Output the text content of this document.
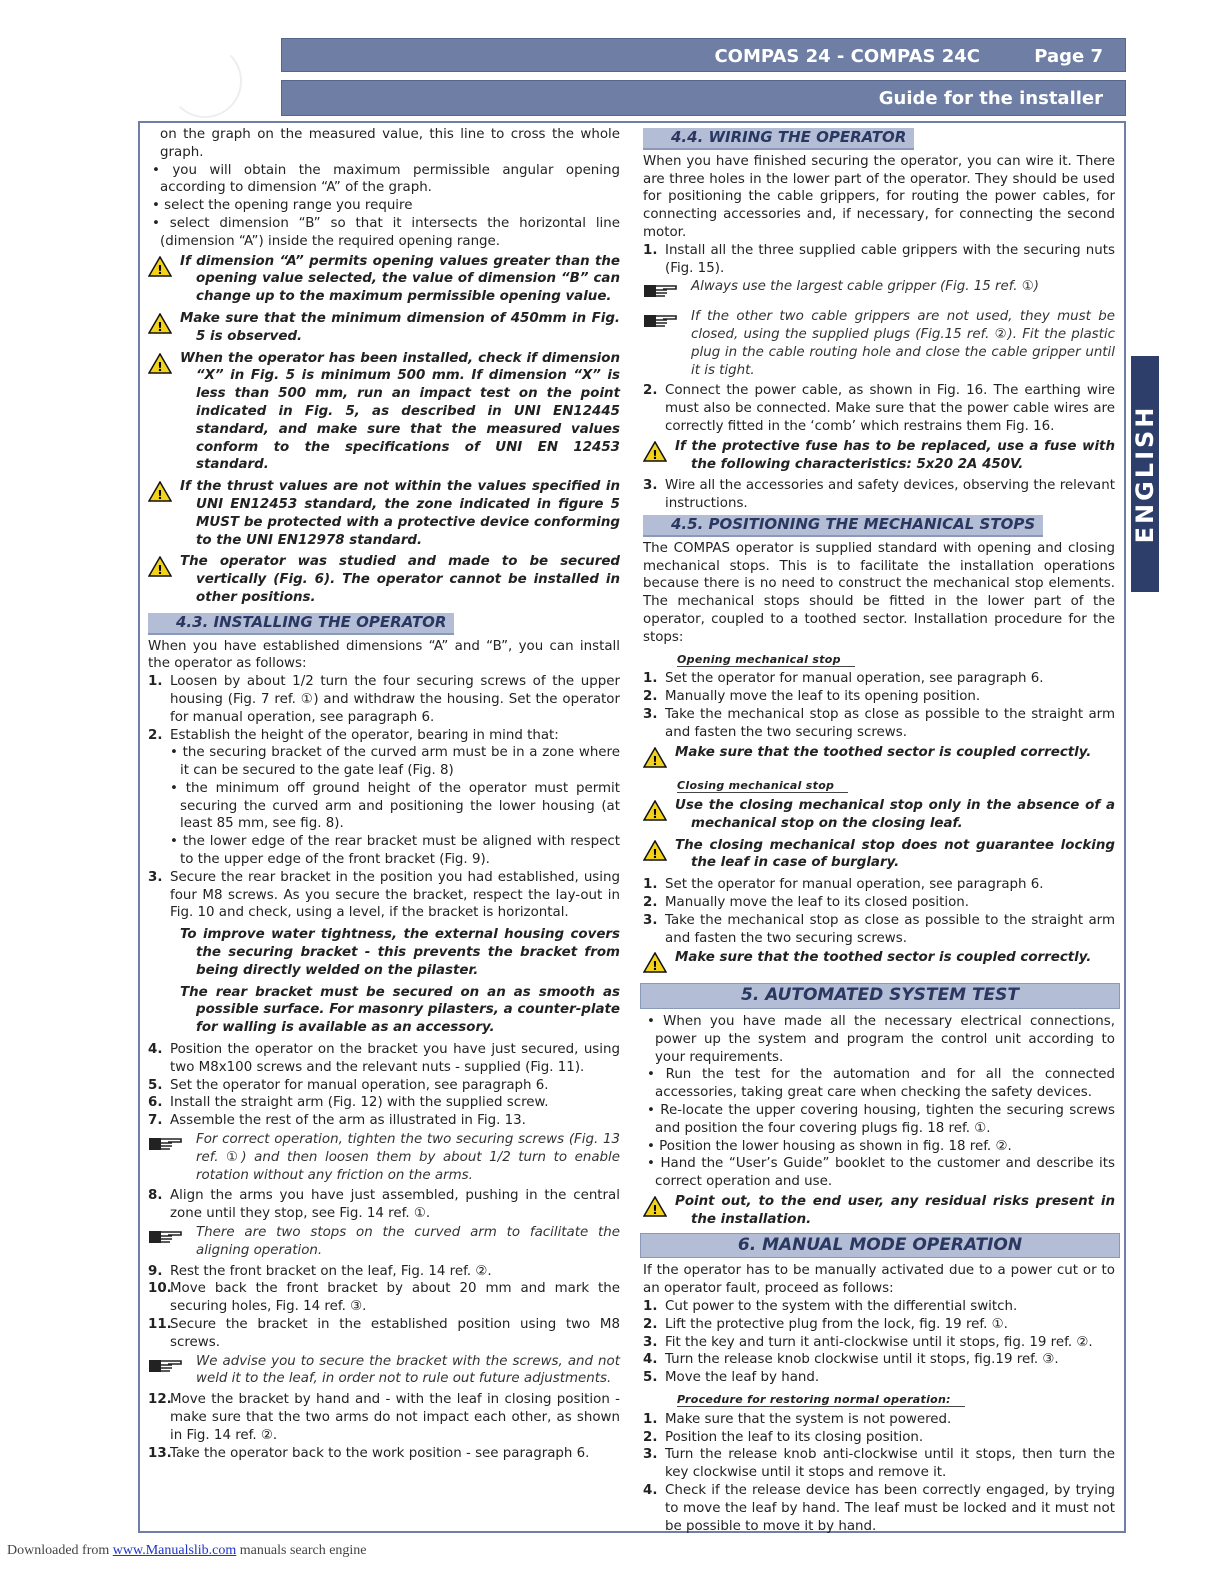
COMPAS 24 - COMPAS 24C	Page 7
Guide for the installer
ENGLISH

on the graph on the measured value, this line to cross the whole graph.

• you will obtain the maximum permissible angular opening according to dimension “A” of the graph.

• select the opening range you require

• select dimension “B” so that it intersects the horizontal line (dimension “A”) inside the required opening range.

!
If dimension “A” permits opening values greater than the opening value selected, the value of dimension “B” can change up to the maximum permissible opening value.
!
Make sure that the minimum dimension of 450mm in Fig. 5 is observed.
!
When the operator has been installed, check if dimension “X” in Fig. 5 is minimum 500 mm. If dimension “X” is less than 500 mm, run an impact test on the point indicated in Fig. 5, as described in UNI EN12445 standard, and make sure that the measured values conform to the specifications of UNI EN 12453 standard.
!
If the thrust values are not within the values specified in UNI EN12453 standard, the zone indicated in figure 5 MUST be protected with a protective device conforming to the UNI EN12978 standard.
!
The operator was studied and made to be secured vertically (Fig. 6). The operator cannot be installed in other positions.
4.3. INSTALLING THE OPERATOR

When you have established dimensions “A” and “B”, you can install the operator as follows:

1. Loosen by about 1/2 turn the four securing screws of the upper housing (Fig. 7 ref. ①) and withdraw the housing. Set the operator for manual operation, see paragraph 6.
2. Establish the height of the operator, bearing in mind that:

• the securing bracket of the curved arm must be in a zone where it can be secured to the gate leaf (Fig. 8)

• the minimum off ground height of the operator must permit securing the curved arm and positioning the lower housing (at least 85 mm, see fig. 8).

• the lower edge of the rear bracket must be aligned with respect to the upper edge of the front bracket (Fig. 9).

3. Secure the rear bracket in the position you had established, using four M8 screws. As you secure the bracket, respect the lay-out in Fig. 10 and check, using a level, if the bracket is horizontal.

To improve water tightness, the external housing covers the securing bracket - this prevents the bracket from being directly welded on the pilaster.

The rear bracket must be secured on an as smooth as possible surface. For masonry pilasters, a counter-plate for walling is available as an accessory.

4. Position the operator on the bracket you have just secured, using two M8x100 screws and the relevant nuts - supplied (Fig. 11).
5. Set the operator for manual operation, see paragraph 6.
6. Install the straight arm (Fig. 12) with the supplied screw.
7. Assemble the rest of the arm as illustrated in Fig. 13.
For correct operation, tighten the two securing screws (Fig. 13 ref. ①) and then loosen them by about 1/2 turn to enable rotation without any friction on the arms.
8. Align the arms you have just assembled, pushing in the central zone until they stop, see Fig. 14 ref. ①.
There are two stops on the curved arm to facilitate the aligning operation.
9. Rest the front bracket on the leaf, Fig. 14 ref. ②.
10.
Move back the front bracket by about 20 mm and mark the securing holes, Fig. 14 ref. ③.
11.
Secure the bracket in the established position using two M8 screws.
We advise you to secure the bracket with the screws, and not weld it to the leaf, in order not to rule out future adjustments.
12.
Move the bracket by hand and - with the leaf in closing position - make sure that the two arms do not impact each other, as shown in Fig. 14 ref. ②.
13.
Take the operator back to the work position - see paragraph 6.
4.4. WIRING THE OPERATOR

When you have finished securing the operator, you can wire it. There are three holes in the lower part of the operator. They should be used for positioning the cable grippers, for routing the power cables, for connecting accessories and, if necessary, for connecting the second motor.

1. Install all the three supplied cable grippers with the securing nuts (Fig. 15).
Always use the largest cable gripper (Fig. 15 ref. ①)
If the other two cable grippers are not used, they must be closed, using the supplied plugs (Fig.15 ref. ②). Fit the plastic plug in the cable routing hole and close the cable gripper until it is tight.
2. Connect the power cable, as shown in Fig. 16. The earthing wire must also be connected. Make sure that the power cable wires are correctly fitted in the ‘comb’ which restrains them Fig. 16.
!
If the protective fuse has to be replaced, use a fuse with the following characteristics: 5x20 2A 450V.
3. Wire all the accessories and safety devices, observing the relevant instructions.
4.5. POSITIONING THE MECHANICAL STOPS

The COMPAS operator is supplied standard with opening and closing mechanical stops. This is to facilitate the installation operations because there is no need to construct the mechanical stop elements. The mechanical stops should be fitted in the lower part of the operator, coupled to a toothed sector. Installation procedure for the stops:

Opening mechanical stop
1. Set the operator for manual operation, see paragraph 6.
2. Manually move the leaf to its opening position.
3. Take the mechanical stop as close as possible to the straight arm and fasten the two securing screws.
!
Make sure that the toothed sector is coupled correctly.
Closing mechanical stop
!
Use the closing mechanical stop only in the absence of a mechanical stop on the closing leaf.
!
The closing mechanical stop does not guarantee locking the leaf in case of burglary.
1. Set the operator for manual operation, see paragraph 6.
2. Manually move the leaf to its closed position.
3. Take the mechanical stop as close as possible to the straight arm and fasten the two securing screws.
!
Make sure that the toothed sector is coupled correctly.
5. AUTOMATED SYSTEM TEST

• When you have made all the necessary electrical connections, power up the system and program the control unit according to your requirements.

• Run the test for the automation and for all the connected accessories, taking great care when checking the safety devices.

• Re-locate the upper covering housing, tighten the securing screws and position the four covering plugs fig. 18 ref. ①.

• Position the lower housing as shown in fig. 18 ref. ②.

• Hand the “User’s Guide” booklet to the customer and describe its correct operation and use.

!
Point out, to the end user, any residual risks present in the installation.
6. MANUAL MODE OPERATION

If the operator has to be manually activated due to a power cut or to an operator fault, proceed as follows:

1. Cut power to the system with the differential switch.
2. Lift the protective plug from the lock, fig. 19 ref. ①.
3. Fit the key and turn it anti-clockwise until it stops, fig. 19 ref. ②.
4. Turn the release knob clockwise until it stops, fig.19 ref. ③.
5. Move the leaf by hand.
Procedure for restoring normal operation:
1. Make sure that the system is not powered.
2. Position the leaf to its closing position.
3. Turn the release knob anti-clockwise until it stops, then turn the key clockwise until it stops and remove it.
4. Check if the release device has been correctly engaged, by trying to move the leaf by hand. The leaf must be locked and it must not be possible to move it by hand.
Downloaded from www.Manualslib.com manuals search engine
